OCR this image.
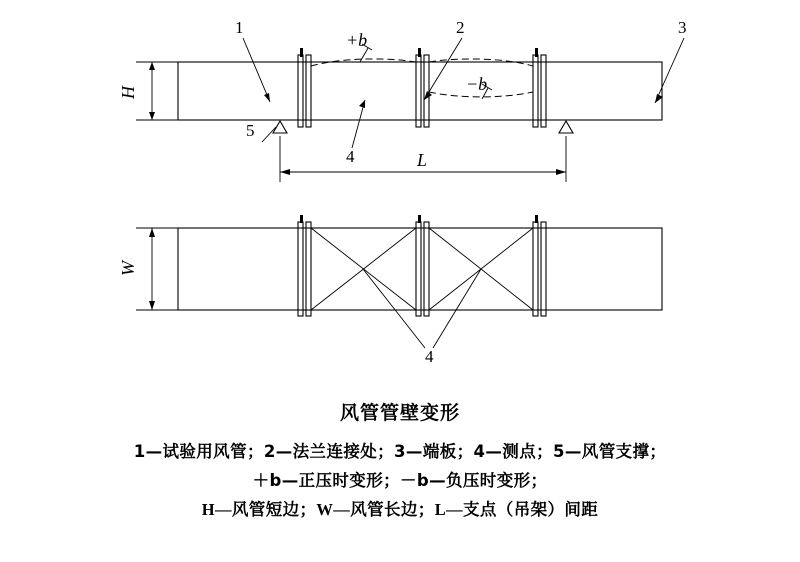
+b
−b
H
1	2	3
4
5
L
4
W
风管管壁变形
1—试验用风管；2—法兰连接处；3—端板；4—测点；5—风管支撑；
＋b—正压时变形；－b—负压时变形；
H—风管短边；W—风管长边；L—支点（吊架）间距
